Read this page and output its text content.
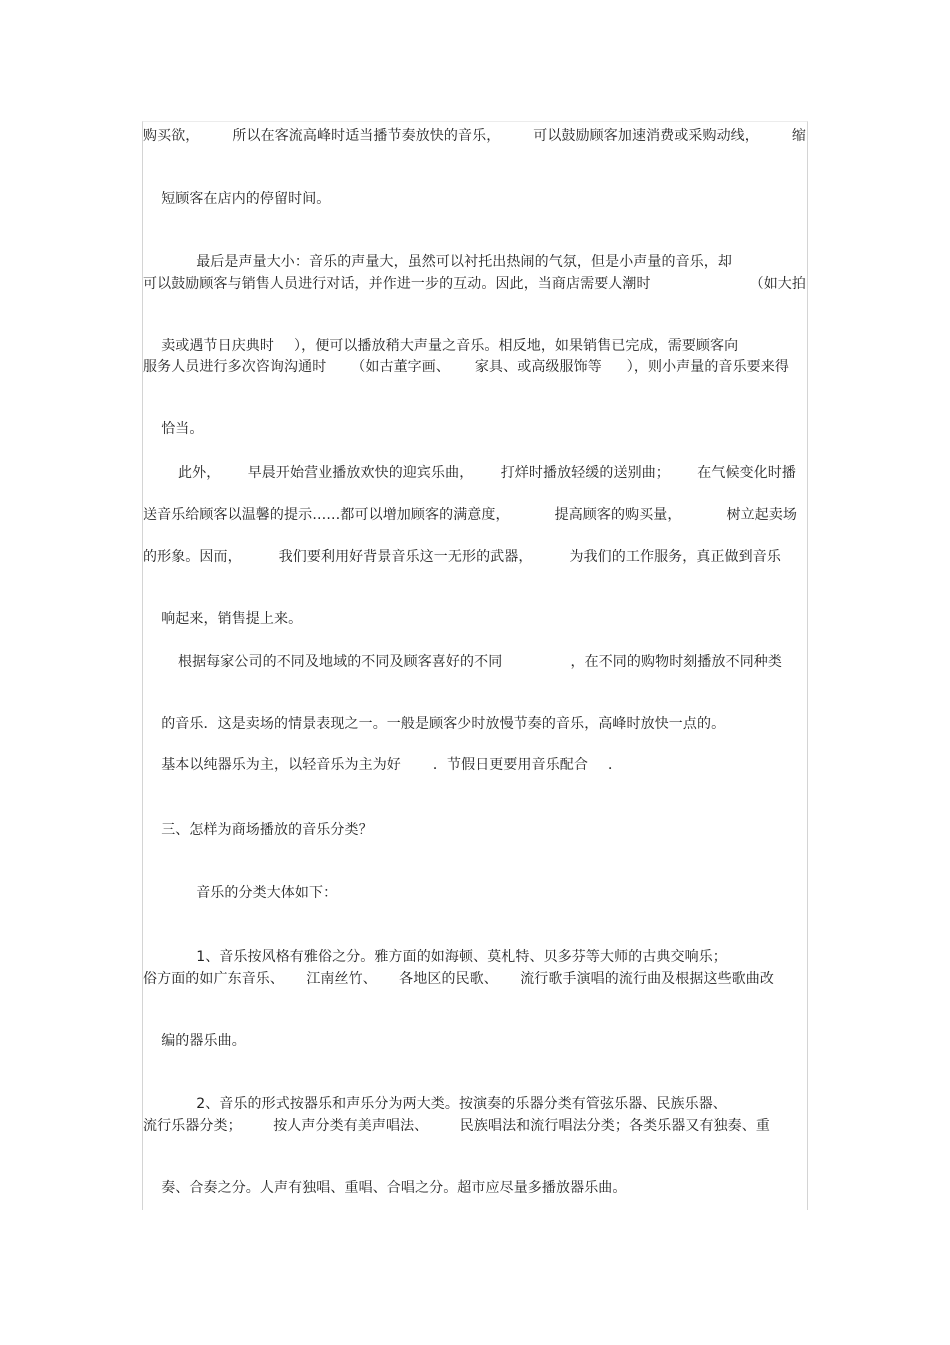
购买欲， 所以在客流高峰时适当播节奏放快的音乐， 可以鼓励顾客加速消费或采购动线， 缩

短顾客在店内的停留时间。

最后是声量大小：音乐的声量大，虽然可以衬托出热闹的气氛，但是小声量的音乐，却

可以鼓励顾客与销售人员进行对话，并作进一步的互动。因此，当商店需要人潮时	（如大拍

卖或遇节日庆典时 ），便可以播放稍大声量之音乐。相反地，如果销售已完成，需要顾客向

服务人员进行多次咨询沟通时 （如古董字画、 家具、或高级服饰等 ），则小声量的音乐要来得

恰当。

此外， 早晨开始营业播放欢快的迎宾乐曲， 打烊时播放轻缓的送别曲； 在气候变化时播
送音乐给顾客以温馨的提示……都可以增加顾客的满意度，	提高顾客的购买量，	树立起卖场
的形象。因而，	我们要利用好背景音乐这一无形的武器，	为我们的工作服务，真正做到音乐

响起来，销售提上来。

根据每家公司的不同及地域的不同及顾客喜好的不同	，在不同的购物时刻播放不同种类

的音乐．这是卖场的情景表现之一。一般是顾客少时放慢节奏的音乐，高峰时放快一点的。

基本以纯器乐为主，以轻音乐为主为好 ．节假日更要用音乐配合 ．

三、怎样为商场播放的音乐分类？

音乐的分类大体如下：

1、音乐按风格有雅俗之分。雅方面的如海顿、莫札特、贝多芬等大师的古典交响乐；

俗方面的如广东音乐、 江南丝竹、 各地区的民歌、 流行歌手演唱的流行曲及根据这些歌曲改

编的器乐曲。

2、音乐的形式按器乐和声乐分为两大类。按演奏的乐器分类有管弦乐器、民族乐器、

流行乐器分类； 按人声分类有美声唱法、 民族唱法和流行唱法分类；各类乐器又有独奏、重

奏、合奏之分。人声有独唱、重唱、合唱之分。超市应尽量多播放器乐曲。
